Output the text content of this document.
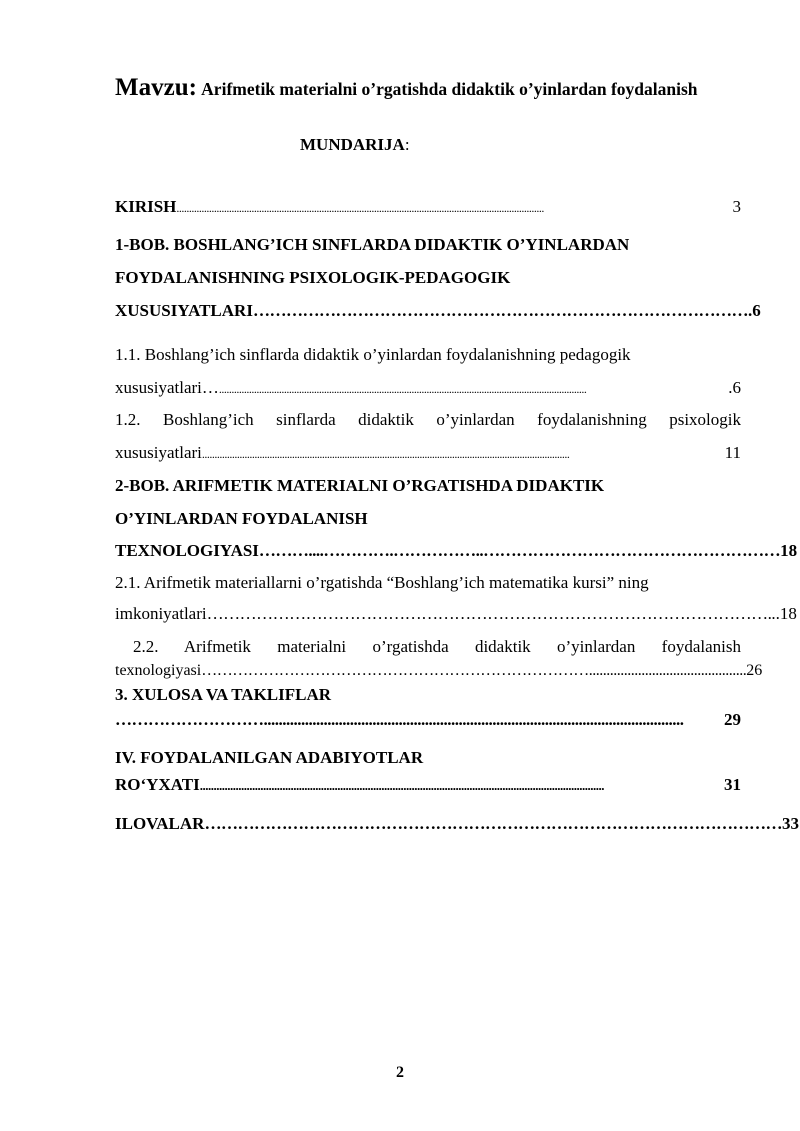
Mavzu: Arifmetik materialni o’rgatishda didaktik o’yinlardan foydalanish
MUNDARIJA:
KIRISH ...................................................................................................................................................	3
1-BOB. BOSHLANG’ICH SINFLARDA DIDAKTIK O’YINLARDAN
FOYDALANISHNING PSIXOLOGIK-PEDAGOGIK
XUSUSIYATLARI ……………………………………………………………………………… .6
1.1. Boshlang’ich sinflarda didaktik o’yinlardan foydalanishning pedagogik
xususiyatlari… ...................................................................................................................................................	.6
1.2. Boshlang’ich sinflarda didaktik o’yinlardan foydalanishning psixologik
xususiyatlari ...................................................................................................................................................	11
2-BOB. ARIFMETIK MATERIALNI O’RGATISHDA DIDAKTIK
O’YINLARDAN FOYDALANISH
TEXNOLOGIYASI ………....………….……………..……………………………………………… 18
2.1. Arifmetik materiallarni o’rgatishda “Boshlang’ich matematika kursi” ning
imkoniyatlari …………………………………………………………………………………………. ..18
2.2. Arifmetik materialni o’rgatishda didaktik o’yinlardan foydalanish
texnologiyasi …………………………………………………………………............................................. 26
3. XULOSA VA TAKLIFLAR
………………………................................................................................................................	29
IV. FOYDALANILGAN ADABIYOTLAR
RO‘YXATI ...................................................................................................................................................	31
ILOVALAR …………………………………………………………………………………………… 33
2
